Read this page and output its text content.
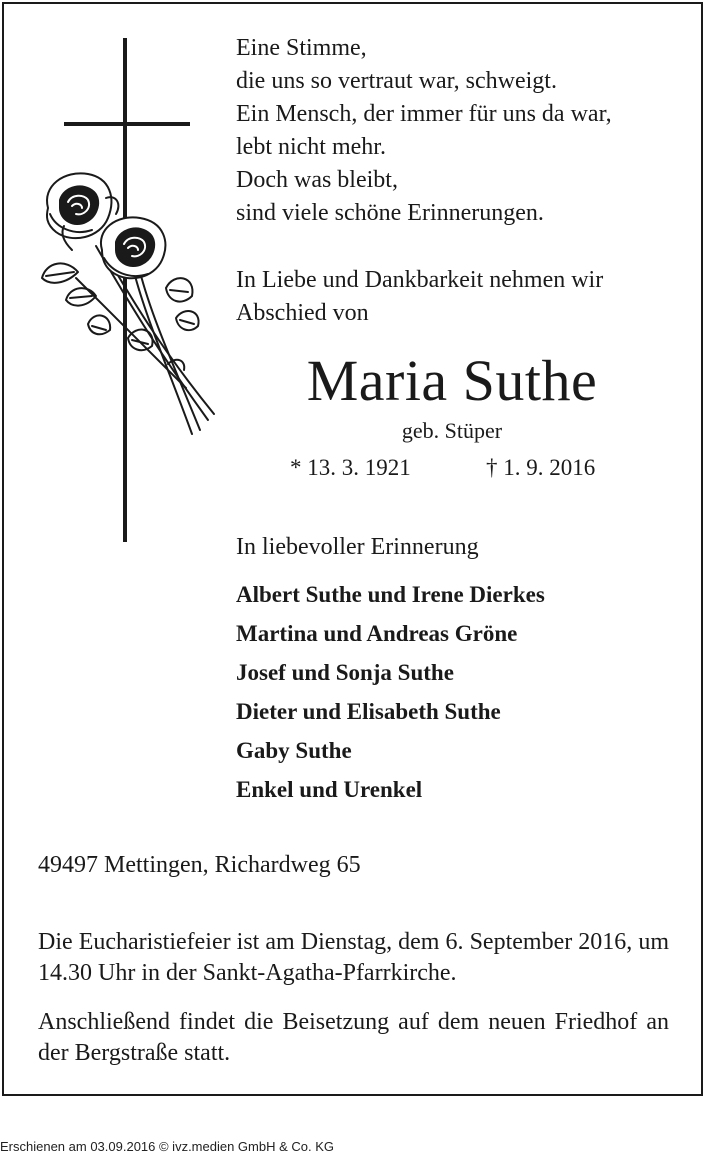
Eine Stimme,
die uns so vertraut war, schweigt.
Ein Mensch, der immer für uns da war,
lebt nicht mehr.
Doch was bleibt,
sind viele schöne Erinnerungen.
In Liebe und Dankbarkeit nehmen wir
Abschied von
Maria Suthe
geb. Stüper
* 13. 3. 1921	† 1. 9. 2016
In liebevoller Erinnerung
Albert Suthe und Irene Dierkes
Martina und Andreas Gröne
Josef und Sonja Suthe
Dieter und Elisabeth Suthe
Gaby Suthe
Enkel und Urenkel
49497 Mettingen, Richardweg 65
Die Eucharistiefeier ist am Dienstag, dem 6. September 2016, um 14.30 Uhr in der Sankt-Agatha-Pfarrkirche.
Anschließend findet die Beisetzung auf dem neuen Friedhof an der Bergstraße statt.
Erschienen am 03.09.2016 © ivz.medien GmbH & Co. KG
